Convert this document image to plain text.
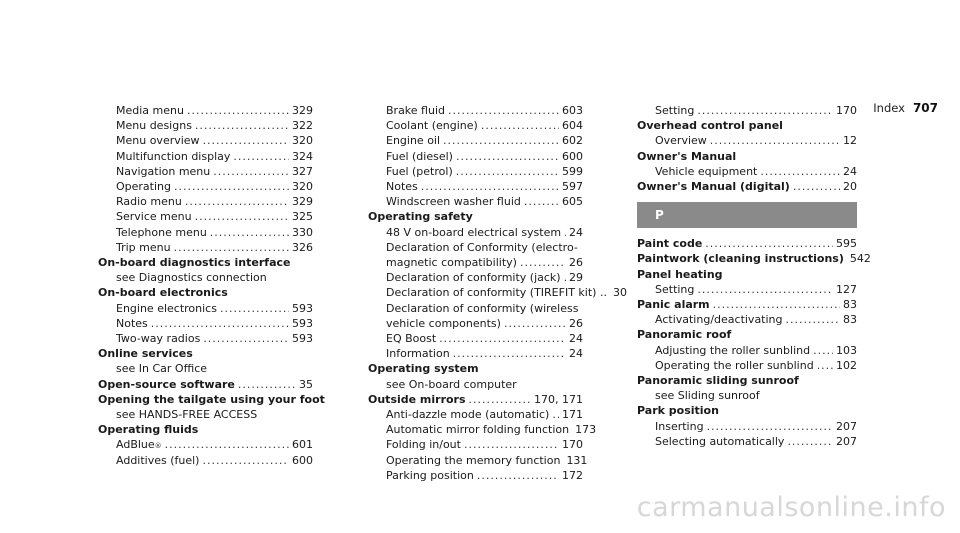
Index 707
Media menu .....	329
Menu designs .....	322
Menu overview .....	320
Multifunction display .....	324
Navigation menu .....	327
Operating .....	320
Radio menu .....	329
Service menu .....	325
Telephone menu .....	330
Trip menu .....	326
On-board diagnostics interface
see Diagnostics connection
On-board electronics
Engine electronics .....	593
Notes .....	593
Two-way radios .....	593
Online services
see In Car Office
Open-source software .....	35
Opening the tailgate using your foot
see HANDS-FREE ACCESS
Operating fluids
AdBlue ® .....	601
Additives (fuel) .....	600
Brake fluid .....	603
Coolant (engine) .....	604
Engine oil .....	602
Fuel (diesel) .....	600
Fuel (petrol) .....	599
Notes .....	597
Windscreen washer fluid .....	605
Operating safety
48 V on-board electrical system ..... 24
Declaration of Conformity (electro-
magnetic compatibility) .....	26
Declaration of conformity (jack) ..... 29
Declaration of conformity (TIREFIT kit) .. 30
Declaration of conformity (wireless
vehicle components) .....	26
EQ Boost .....	24
Information .....	24
Operating system
see On-board computer
Outside mirrors .....	170, 171
Anti-dazzle mode (automatic) ..... 171
Automatic mirror folding function 173
Folding in/out .....	170
Operating the memory function 131
Parking position .....	172
Setting .....	170
Overhead control panel
Overview .....	12
Owner's Manual
Vehicle equipment .....	24
Owner's Manual (digital) .....	20
P
Paint code .....	595
Paintwork (cleaning instructions) 542
Panel heating
Setting .....	127
Panic alarm .....	83
Activating/deactivating .....	83
Panoramic roof
Adjusting the roller sunblind ..... 103
Operating the roller sunblind ..... 102
Panoramic sliding sunroof
see Sliding sunroof
Park position
Inserting .....	207
Selecting automatically .....	207
carmanualsonline.info
